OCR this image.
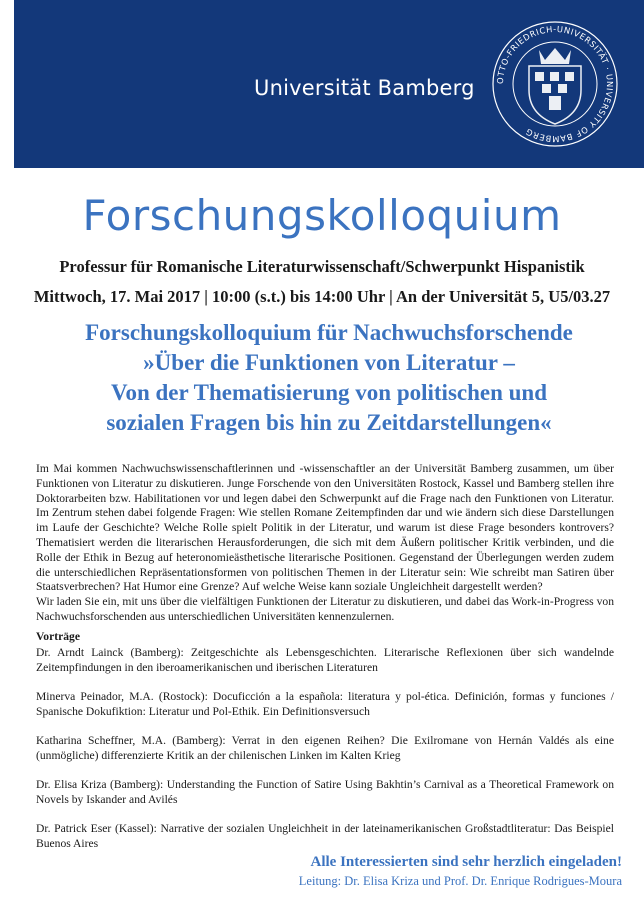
Universität Bamberg OTTO-FRIEDRICH-UNIVERSITÄT · UNIVERSITY OF BAMBERG
Forschungskolloquium
Professur für Romanische Literaturwissenschaft/Schwerpunkt Hispanistik
Mittwoch, 17. Mai 2017 | 10:00 (s.t.) bis 14:00 Uhr | An der Universität 5, U5/03.27
Forschungskolloquium für Nachwuchsforschende
»Über die Funktionen von Literatur –
Von der Thematisierung von politischen und
sozialen Fragen bis hin zu Zeitdarstellungen«

Im Mai kommen Nachwuchswissenschaftlerinnen und -wissenschaftler an der Universität Bamberg zusammen, um über Funktionen von Literatur zu diskutieren. Junge Forschende von den Universitäten Rostock, Kassel und Bamberg stellen ihre Doktorarbeiten bzw. Habilitationen vor und legen dabei den Schwerpunkt auf die Frage nach den Funktionen von Literatur. Im Zentrum stehen dabei folgende Fragen: Wie stellen Romane Zeitempfinden dar und wie ändern sich diese Darstellungen im Laufe der Geschichte? Welche Rolle spielt Politik in der Literatur, und warum ist diese Frage besonders kontrovers? Thematisiert werden die literarischen Herausforderungen, die sich mit dem Äußern politischer Kritik verbinden, und die Rolle der Ethik in Bezug auf heteronomieästhetische literarische Positionen. Gegenstand der Überlegungen werden zudem die unterschiedlichen Repräsentationsformen von politischen Themen in der Literatur sein: Wie schreibt man Satiren über Staatsverbrechen? Hat Humor eine Grenze? Auf welche Weise kann soziale Ungleichheit dargestellt werden?

Wir laden Sie ein, mit uns über die vielfältigen Funktionen der Literatur zu diskutieren, und dabei das Work-in-Progress von Nachwuchsforschenden aus unterschiedlichen Universitäten kennenzulernen.

Vorträge
Dr. Arndt Lainck (Bamberg): Zeitgeschichte als Lebensgeschichten. Literarische Reflexionen über sich wandelnde Zeitempfindungen in den iberoamerikanischen und iberischen Literaturen
Minerva Peinador, M.A. (Rostock): Docuficción a la española: literatura y pol-ética. Definición, formas y funciones / Spanische Dokufiktion: Literatur und Pol-Ethik. Ein Definitionsversuch
Katharina Scheffner, M.A. (Bamberg): Verrat in den eigenen Reihen? Die Exilromane von Hernán Valdés als eine (unmögliche) differenzierte Kritik an der chilenischen Linken im Kalten Krieg
Dr. Elisa Kriza (Bamberg): Understanding the Function of Satire Using Bakhtin’s Carnival as a Theoretical Framework on Novels by Iskander and Avilés
Dr. Patrick Eser (Kassel): Narrative der sozialen Ungleichheit in der lateinamerikanischen Großstadtliteratur: Das Beispiel Buenos Aires
Alle Interessierten sind sehr herzlich eingeladen!
Leitung: Dr. Elisa Kriza und Prof. Dr. Enrique Rodrigues-Moura
